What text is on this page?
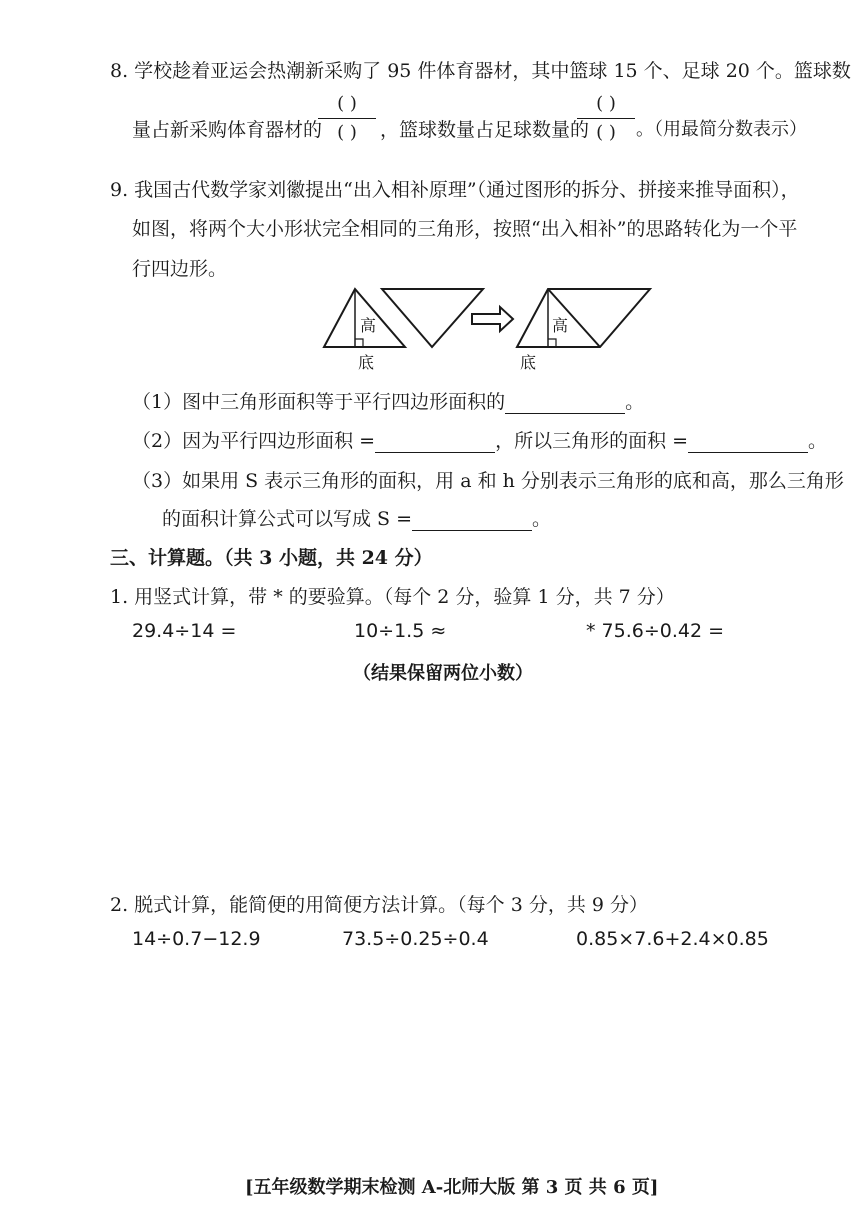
8. 学校趁着亚运会热潮新采购了 95 件体育器材，其中篮球 15 个、足球 20 个。篮球数
量占新采购体育器材的
( )
( )	，篮球数量占足球数量的
( )
( )	。（用最简分数表示）
9. 我国古代数学家刘徽提出“出入相补原理”（通过图形的拆分、拼接来推导面积），
如图，将两个大小形状完全相同的三角形，按照“出入相补”的思路转化为一个平
行四边形。
高
底
高
底
（1）图中三角形面积等于平行四边形面积的	。
（2）因为平行四边形面积 =	，所以三角形的面积 =	。
（3）如果用 S 表示三角形的面积，用 a 和 h 分别表示三角形的底和高，那么三角形
的面积计算公式可以写成 S =	。
三、计算题。（共 3 小题，共 24 分）
1. 用竖式计算，带 * 的要验算。（每个 2 分，验算 1 分，共 7 分）
29.4÷14 =	10÷1.5 ≈	* 75.6÷0.42 =
（结果保留两位小数）
2. 脱式计算，能简便的用简便方法计算。（每个 3 分，共 9 分）
14÷0.7−12.9	73.5÷0.25÷0.4	0.85×7.6+2.4×0.85
[五年级数学期末检测 A-北师大版 第 3 页 共 6 页]
